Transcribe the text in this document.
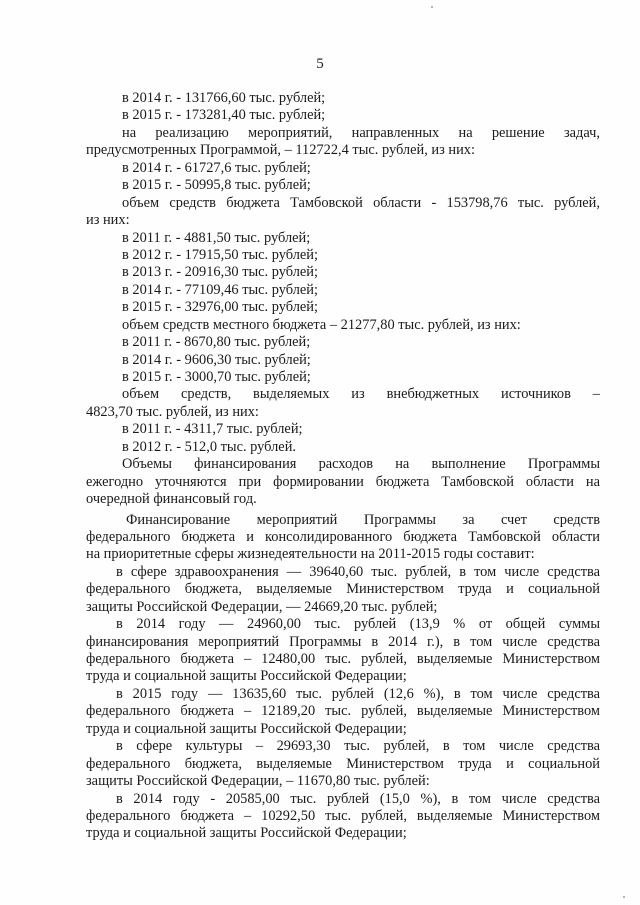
5
в 2014 г. - 131766,60 тыс. рублей;
в 2015 г. - 173281,40 тыс. рублей;
на реализацию мероприятий, направленных на решение задач,
предусмотренных Программой, – 112722,4 тыс. рублей, из них:
в 2014 г. - 61727,6 тыс. рублей;
в 2015 г. - 50995,8 тыс. рублей;
объем средств бюджета Тамбовской области - 153798,76 тыс. рублей,
из них:
в 2011 г. - 4881,50 тыс. рублей;
в 2012 г. - 17915,50 тыс. рублей;
в 2013 г. - 20916,30 тыс. рублей;
в 2014 г. - 77109,46 тыс. рублей;
в 2015 г. - 32976,00 тыс. рублей;
объем средств местного бюджета – 21277,80 тыс. рублей, из них:
в 2011 г. - 8670,80 тыс. рублей;
в 2014 г. - 9606,30 тыс. рублей;
в 2015 г. - 3000,70 тыс. рублей;
объем средств, выделяемых из внебюджетных источников –
4823,70 тыс. рублей, из них:
в 2011 г. - 4311,7 тыс. рублей;
в 2012 г. - 512,0 тыс. рублей.
Объемы финансирования расходов на выполнение Программы
ежегодно уточняются при формировании бюджета Тамбовской области на
очередной финансовый год.
Финансирование мероприятий Программы за счет средств
федерального бюджета и консолидированного бюджета Тамбовской области
на приоритетные сферы жизнедеятельности на 2011-2015 годы составит:
в сфере здравоохранения — 39640,60 тыс. рублей, в том числе средства
федерального бюджета, выделяемые Министерством труда и социальной
защиты Российской Федерации, — 24669,20 тыс. рублей;
в 2014 году — 24960,00 тыс. рублей (13,9 % от общей суммы
финансирования мероприятий Программы в 2014 г.), в том числе средства
федерального бюджета – 12480,00 тыс. рублей, выделяемые Министерством
труда и социальной защиты Российской Федерации;
в 2015 году — 13635,60 тыс. рублей (12,6 %), в том числе средства
федерального бюджета – 12189,20 тыс. рублей, выделяемые Министерством
труда и социальной защиты Российской Федерации;
в сфере культуры – 29693,30 тыс. рублей, в том числе средства
федерального бюджета, выделяемые Министерством труда и социальной
защиты Российской Федерации, – 11670,80 тыс. рублей:
в 2014 году - 20585,00 тыс. рублей (15,0 %), в том числе средства
федерального бюджета – 10292,50 тыс. рублей, выделяемые Министерством
труда и социальной защиты Российской Федерации;
